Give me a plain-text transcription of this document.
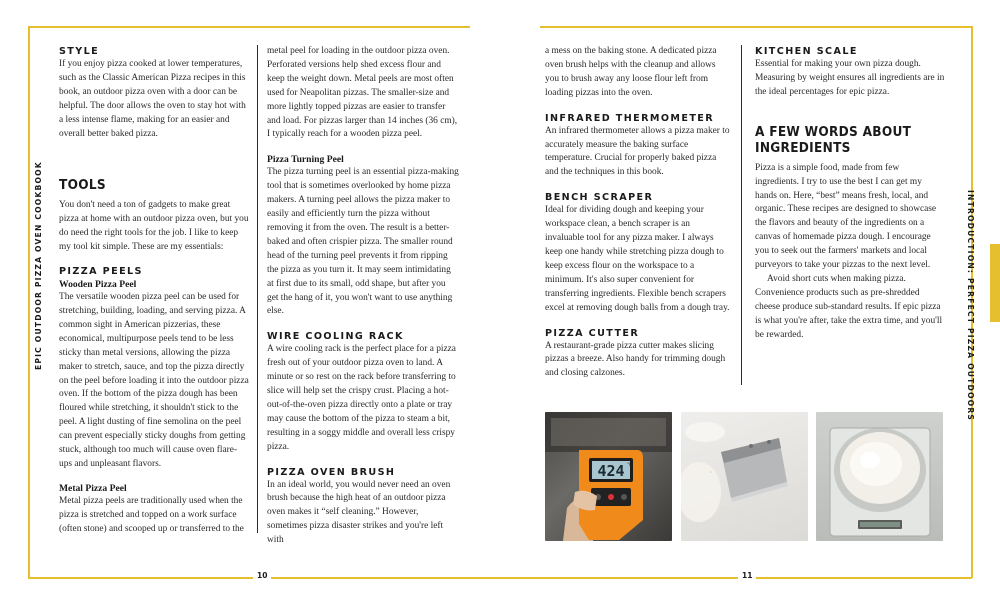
EPIC OUTDOOR PIZZA OVEN COOKBOOK	INTRODUCTION: PERFECT PIZZA OUTDOORS
10	11

STYLE

If you enjoy pizza cooked at lower temperatures, such as the Classic American Pizza recipes in this book, an outdoor pizza oven with a door can be helpful. The door allows the oven to stay hot with a less intense flame, making for an easier and overall better baked pizza.

TOOLS

You don't need a ton of gadgets to make great pizza at home with an outdoor pizza oven, but you do need the right tools for the job. I like to keep my tool kit simple. These are my essentials:

PIZZA PEELS

Wooden Pizza Peel

The versatile wooden pizza peel can be used for stretching, building, loading, and serving pizza. A common sight in American pizzerias, these economical, multipurpose peels tend to be less sticky than metal versions, allowing the pizza maker to stretch, sauce, and top the pizza directly on the peel before loading it into the outdoor pizza oven. If the bottom of the pizza dough has been floured while stretching, it shouldn't stick to the peel. A light dusting of fine semolina on the peel can prevent especially sticky doughs from getting stuck, although too much will cause oven flare-ups and unpleasant flavors.

Metal Pizza Peel

Metal pizza peels are traditionally used when the pizza is stretched and topped on a work surface (often stone) and scooped up or transferred to the

metal peel for loading in the outdoor pizza oven. Perforated versions help shed excess flour and keep the weight down. Metal peels are most often used for Neapolitan pizzas. The smaller-size and more lightly topped pizzas are easier to transfer and load. For pizzas larger than 14 inches (36 cm), I typically reach for a wooden pizza peel.

Pizza Turning Peel

The pizza turning peel is an essential pizza-making tool that is sometimes overlooked by home pizza makers. A turning peel allows the pizza maker to easily and efficiently turn the pizza without removing it from the oven. The result is a better-baked and often crispier pizza. The smaller round head of the turning peel prevents it from ripping the pizza as you turn it. It may seem intimidating at first due to its small, odd shape, but after you get the hang of it, you won't want to use anything else.

WIRE COOLING RACK

A wire cooling rack is the perfect place for a pizza fresh out of your outdoor pizza oven to land. A minute or so rest on the rack before transferring to slice will help set the crispy crust. Placing a hot-out-of-the-oven pizza directly onto a plate or tray may cause the bottom of the pizza to steam a bit, resulting in a soggy middle and overall less crispy pizza.

PIZZA OVEN BRUSH

In an ideal world, you would never need an oven brush because the high heat of an outdoor pizza oven makes it “self cleaning.” However, sometimes pizza disaster strikes and you're left with

a mess on the baking stone. A dedicated pizza oven brush helps with the cleanup and allows you to brush away any loose flour left from loading pizzas into the oven.

INFRARED THERMOMETER

An infrared thermometer allows a pizza maker to accurately measure the baking surface temperature. Crucial for properly baked pizza and the techniques in this book.

BENCH SCRAPER

Ideal for dividing dough and keeping your workspace clean, a bench scraper is an invaluable tool for any pizza maker. I always keep one handy while stretching pizza dough to keep excess flour on the workspace to a minimum. It's also super convenient for transferring ingredients. Flexible bench scrapers excel at removing dough balls from a dough tray.

PIZZA CUTTER

A restaurant-grade pizza cutter makes slicing pizzas a breeze. Also handy for trimming dough and closing calzones.

KITCHEN SCALE

Essential for making your own pizza dough. Measuring by weight ensures all ingredients are in the ideal percentages for epic pizza.

A FEW WORDS ABOUT INGREDIENTS

Pizza is a simple food, made from few ingredients. I try to use the best I can get my hands on. Here, “best” means fresh, local, and organic. These recipes are designed to showcase the flavors and beauty of the ingredients on a canvas of homemade pizza dough. I encourage you to seek out the farmers' markets and local purveyors to take your pizzas to the next level.

Avoid short cuts when making pizza. Convenience products such as pre-shredded cheese produce sub-standard results. If epic pizza is what you're after, take the extra time, and you'll be rewarded.

424 °F
